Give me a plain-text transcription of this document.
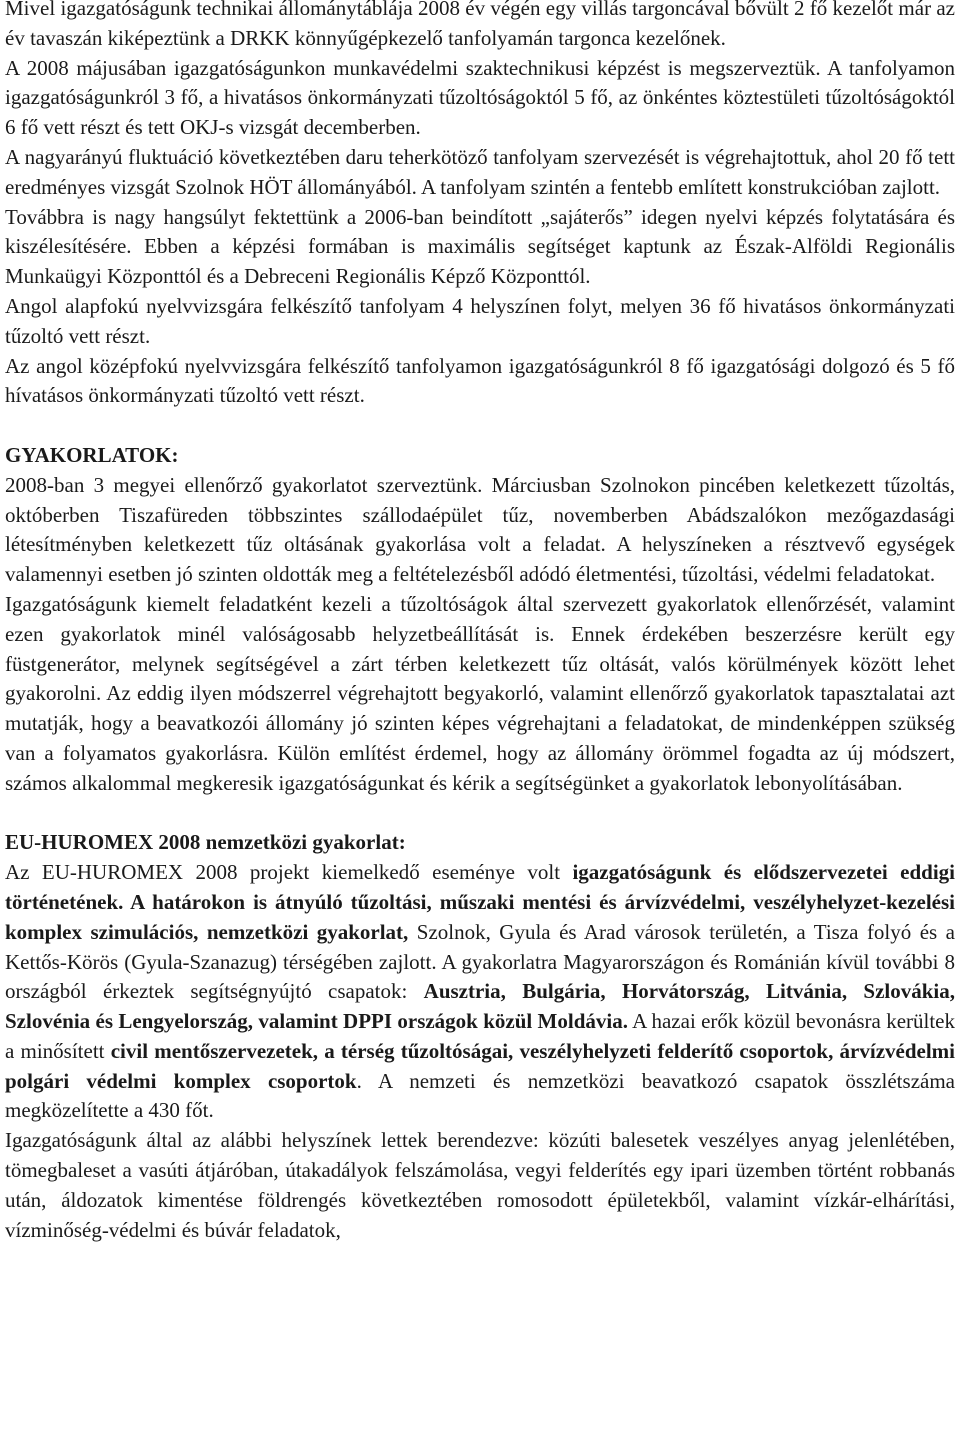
Mivel igazgatóságunk technikai állománytáblája 2008 év végén egy villás targoncával bővült 2 fő kezelőt már az év tavaszán kiképeztünk a DRKK könnyűgépkezelő tanfolyamán targonca kezelőnek.

A 2008 májusában igazgatóságunkon munkavédelmi szaktechnikusi képzést is megszerveztük. A tanfolyamon igazgatóságunkról 3 fő, a hivatásos önkormányzati tűzoltóságoktól 5 fő, az önkéntes köztestületi tűzoltóságoktól 6 fő vett részt és tett OKJ-s vizsgát decemberben.

A nagyarányú fluktuáció következtében daru teherkötöző tanfolyam szervezését is végrehajtottuk, ahol 20 fő tett eredményes vizsgát Szolnok HÖT állományából. A tanfolyam szintén a fentebb említett konstrukcióban zajlott.

Továbbra is nagy hangsúlyt fektettünk a 2006-ban beindított „sajáterős” idegen nyelvi képzés folytatására és kiszélesítésére. Ebben a képzési formában is maximális segítséget kaptunk az Észak-Alföldi Regionális Munkaügyi Központtól és a Debreceni Regionális Képző Központtól.

Angol alapfokú nyelvvizsgára felkészítő tanfolyam 4 helyszínen folyt, melyen 36 fő hivatásos önkormányzati tűzoltó vett részt.

Az angol középfokú nyelvvizsgára felkészítő tanfolyamon igazgatóságunkról 8 fő igazgatósági dolgozó és 5 fő hívatásos önkormányzati tűzoltó vett részt.

GYAKORLATOK:

2008-ban 3 megyei ellenőrző gyakorlatot szerveztünk. Márciusban Szolnokon pincében keletkezett tűzoltás, októberben Tiszafüreden többszintes szállodaépület tűz, novemberben Abádszalókon mezőgazdasági létesítményben keletkezett tűz oltásának gyakorlása volt a feladat. A helyszíneken a résztvevő egységek valamennyi esetben jó szinten oldották meg a feltételezésből adódó életmentési, tűzoltási, védelmi feladatokat.

Igazgatóságunk kiemelt feladatként kezeli a tűzoltóságok által szervezett gyakorlatok ellenőrzését, valamint ezen gyakorlatok minél valóságosabb helyzetbeállítását is. Ennek érdekében beszerzésre került egy füstgenerátor, melynek segítségével a zárt térben keletkezett tűz oltását, valós körülmények között lehet gyakorolni. Az eddig ilyen módszerrel végrehajtott begyakorló, valamint ellenőrző gyakorlatok tapasztalatai azt mutatják, hogy a beavatkozói állomány jó szinten képes végrehajtani a feladatokat, de mindenképpen szükség van a folyamatos gyakorlásra. Külön említést érdemel, hogy az állomány örömmel fogadta az új módszert, számos alkalommal megkeresik igazgatóságunkat és kérik a segítségünket a gyakorlatok lebonyolításában.

EU-HUROMEX 2008 nemzetközi gyakorlat:

Az EU-HUROMEX 2008 projekt kiemelkedő eseménye volt igazgatóságunk és elődszervezetei eddigi történetének. A határokon is átnyúló tűzoltási, műszaki mentési és árvízvédelmi, veszélyhelyzet-kezelési komplex szimulációs, nemzetközi gyakorlat, Szolnok, Gyula és Arad városok területén, a Tisza folyó és a Kettős-Körös (Gyula-Szanazug) térségében zajlott. A gyakorlatra Magyarországon és Románián kívül további 8 országból érkeztek segítségnyújtó csapatok: Ausztria, Bulgária, Horvátország, Litvánia, Szlovákia, Szlovénia és Lengyelország, valamint DPPI országok közül Moldávia. A hazai erők közül bevonásra kerültek a minősített civil mentőszervezetek, a térség tűzoltóságai, veszélyhelyzeti felderítő csoportok, árvízvédelmi polgári védelmi komplex csoportok. A nemzeti és nemzetközi beavatkozó csapatok összlétszáma megközelítette a 430 főt.

Igazgatóságunk által az alábbi helyszínek lettek berendezve: közúti balesetek veszélyes anyag jelenlétében, tömegbaleset a vasúti átjáróban, útakadályok felszámolása, vegyi felderítés egy ipari üzemben történt robbanás után, áldozatok kimentése földrengés következtében romosodott épületekből, valamint vízkár-elhárítási, vízminőség-védelmi és búvár feladatok,
